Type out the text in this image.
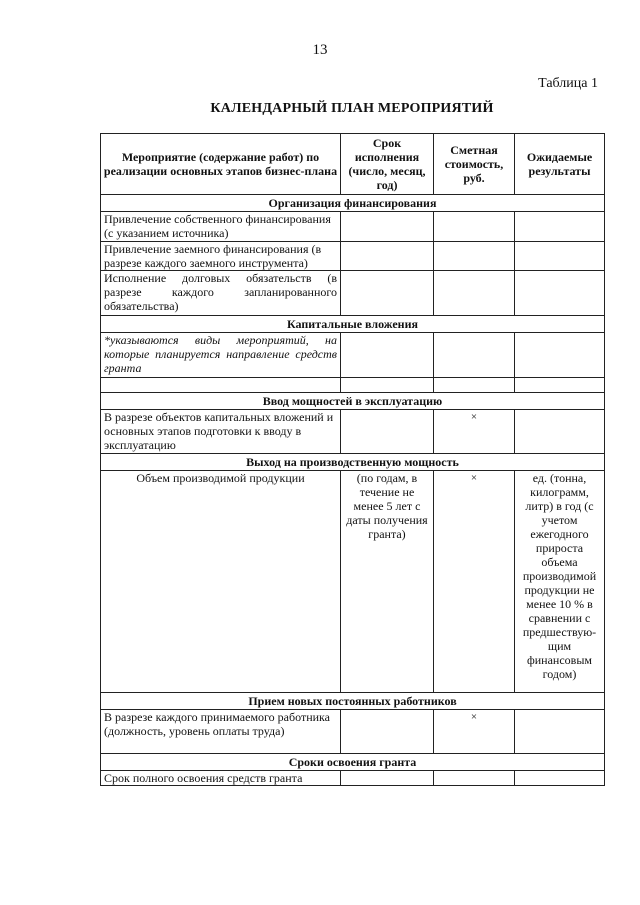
13
Таблица 1
КАЛЕНДАРНЫЙ ПЛАН МЕРОПРИЯТИЙ
Мероприятие (содержание работ) по реализации основных этапов бизнес-плана	Срок исполнения (число, месяц, год)	Сметная стоимость, руб.	Ожидаемые результаты
Организация финансирования			
Привлечение собственного финансирования (с указанием источника)			
Привлечение заемного финансирования (в разрезе каждого заемного инструмента)			
Исполнение долговых обязательств (в разрезе каждого запланированного обязательства)			
Капитальные вложения			
*указываются виды мероприятий, на которые планируется направление средств гранта			

Ввод мощностей в эксплуатацию			
В разрезе объектов капитальных вложений и основных этапов подготовки к вводу в эксплуатацию		×	
Выход на производственную мощность			
Объем производимой продукции	(по годам, в течение не менее 5 лет с даты получения гранта)	×	ед. (тонна, килограмм, литр) в год (с учетом ежегодного прироста объема производимой продукции не менее 10 % в сравнении с предшествую-щим финансовым годом)
Прием новых постоянных работников			
В разрезе каждого принимаемого работника (должность, уровень оплаты труда)		×	
Сроки освоения гранта			
Срок полного освоения средств гранта			
